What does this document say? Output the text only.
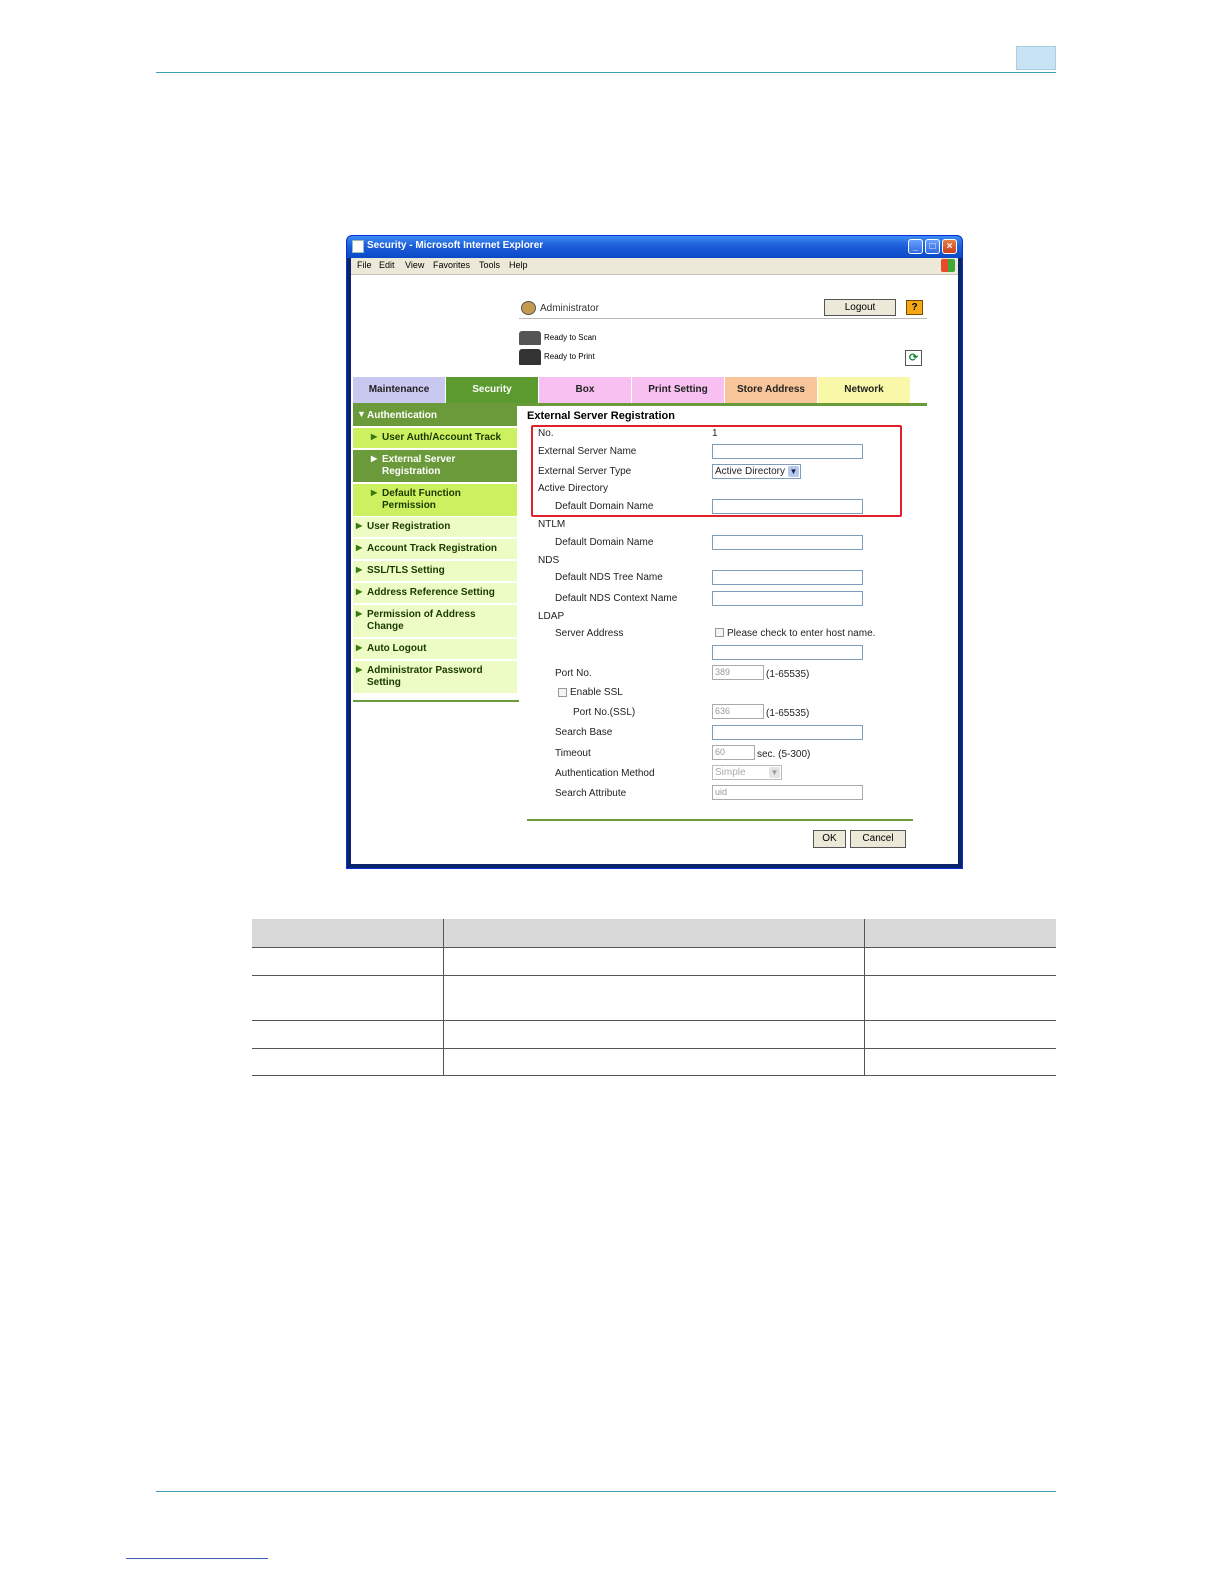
Security - Microsoft Internet Explorer	_	□	×
File Edit View Favorites Tools Help
Administrator	Logout	?
Ready to Scan
Ready to Print	⟳
Maintenance	Security	Box	Print Setting	Store Address	Network
▼ Authentication
▶ User Auth/Account Track
▶ External Server
Registration
▶ Default Function
Permission
▶ User Registration
▶ Account Track Registration
▶ SSL/TLS Setting
▶ Address Reference Setting
▶ Permission of Address
Change
▶ Auto Logout
▶ Administrator Password
Setting
External Server Registration
No.	1
External Server Name
External Server Type	Active Directory ▼
Active Directory
Default Domain Name
NTLM
Default Domain Name
NDS
Default NDS Tree Name
Default NDS Context Name
LDAP
Server Address	Please check to enter host name.
Port No.	389	(1-65535)
Enable SSL
Port No.(SSL)	636	(1-65535)
Search Base
Timeout	60	sec. (5-300)
Authentication Method	Simple	▼
Search Attribute	uid
OK	Cancel
